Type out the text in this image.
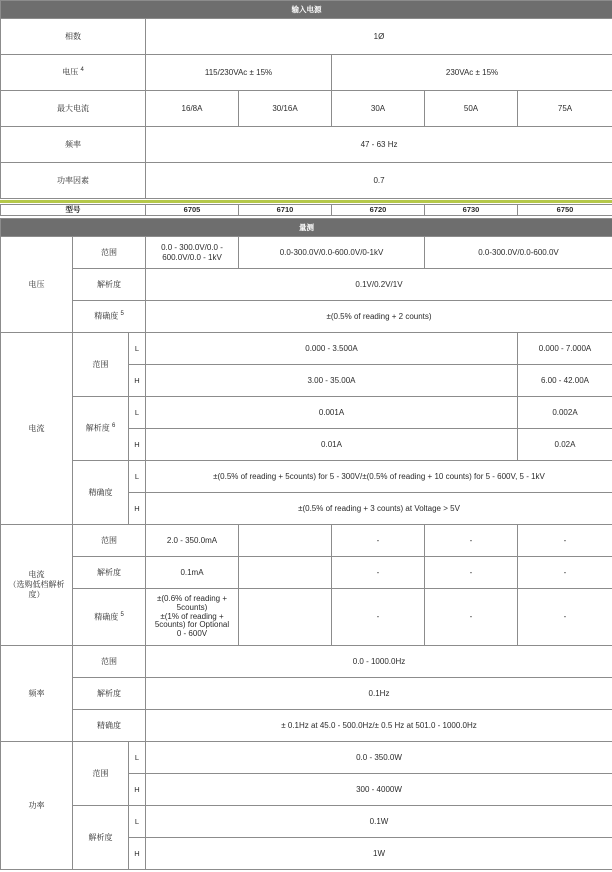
输入电源					
相数	1Ø				
电压 $^4$	115/230VAc ± 15%		230VAc ± 15%		
最大电流	16/8A	30/16A	30A	50A	75A
频率	47 - 63 Hz				
功率因素	0.7				
型号	6705	6710	6720	6730	6750
量测							
电压	范围		0.0 - 300.0V/0.0 - 600.0V/0.0 - 1kV	0.0-300.0V/0.0-600.0V/0-1kV		0.0-300.0V/0.0-600.0V	
	解析度		0.1V/0.2V/1V				
	精确度 $^5$		±(0.5% of reading + 2 counts)				
电流	范围	L	0.000 - 3.500A				0.000 - 7.000A
		H	3.00 - 35.00A				6.00 - 42.00A
	解析度 $^6$	L	0.001A				0.002A
		H	0.01A				0.02A
	精确度	L	±(0.5% of reading + 5counts) for 5 - 300V/±(0.5% of reading + 10 counts) for 5 - 600V, 5 - 1kV				
		H	±(0.5% of reading + 3 counts) at Voltage > 5V				

电流
（选购低档解析度）	范围		2.0 - 350.0mA		-	-	-
	解析度		0.1mA		-	-	-
	精确度 $^5$		±(0.6% of reading +
5counts)
±(1% of reading +
5counts) for Optional
0 - 600V		-	-	-
频率	范围		0.0 - 1000.0Hz				
	解析度		0.1Hz				
	精确度		± 0.1Hz at 45.0 - 500.0Hz/± 0.5 Hz at 501.0 - 1000.0Hz				
功率	范围	L	0.0 - 350.0W				
		H	300 - 4000W				
	解析度	L	0.1W				
		H	1W				
